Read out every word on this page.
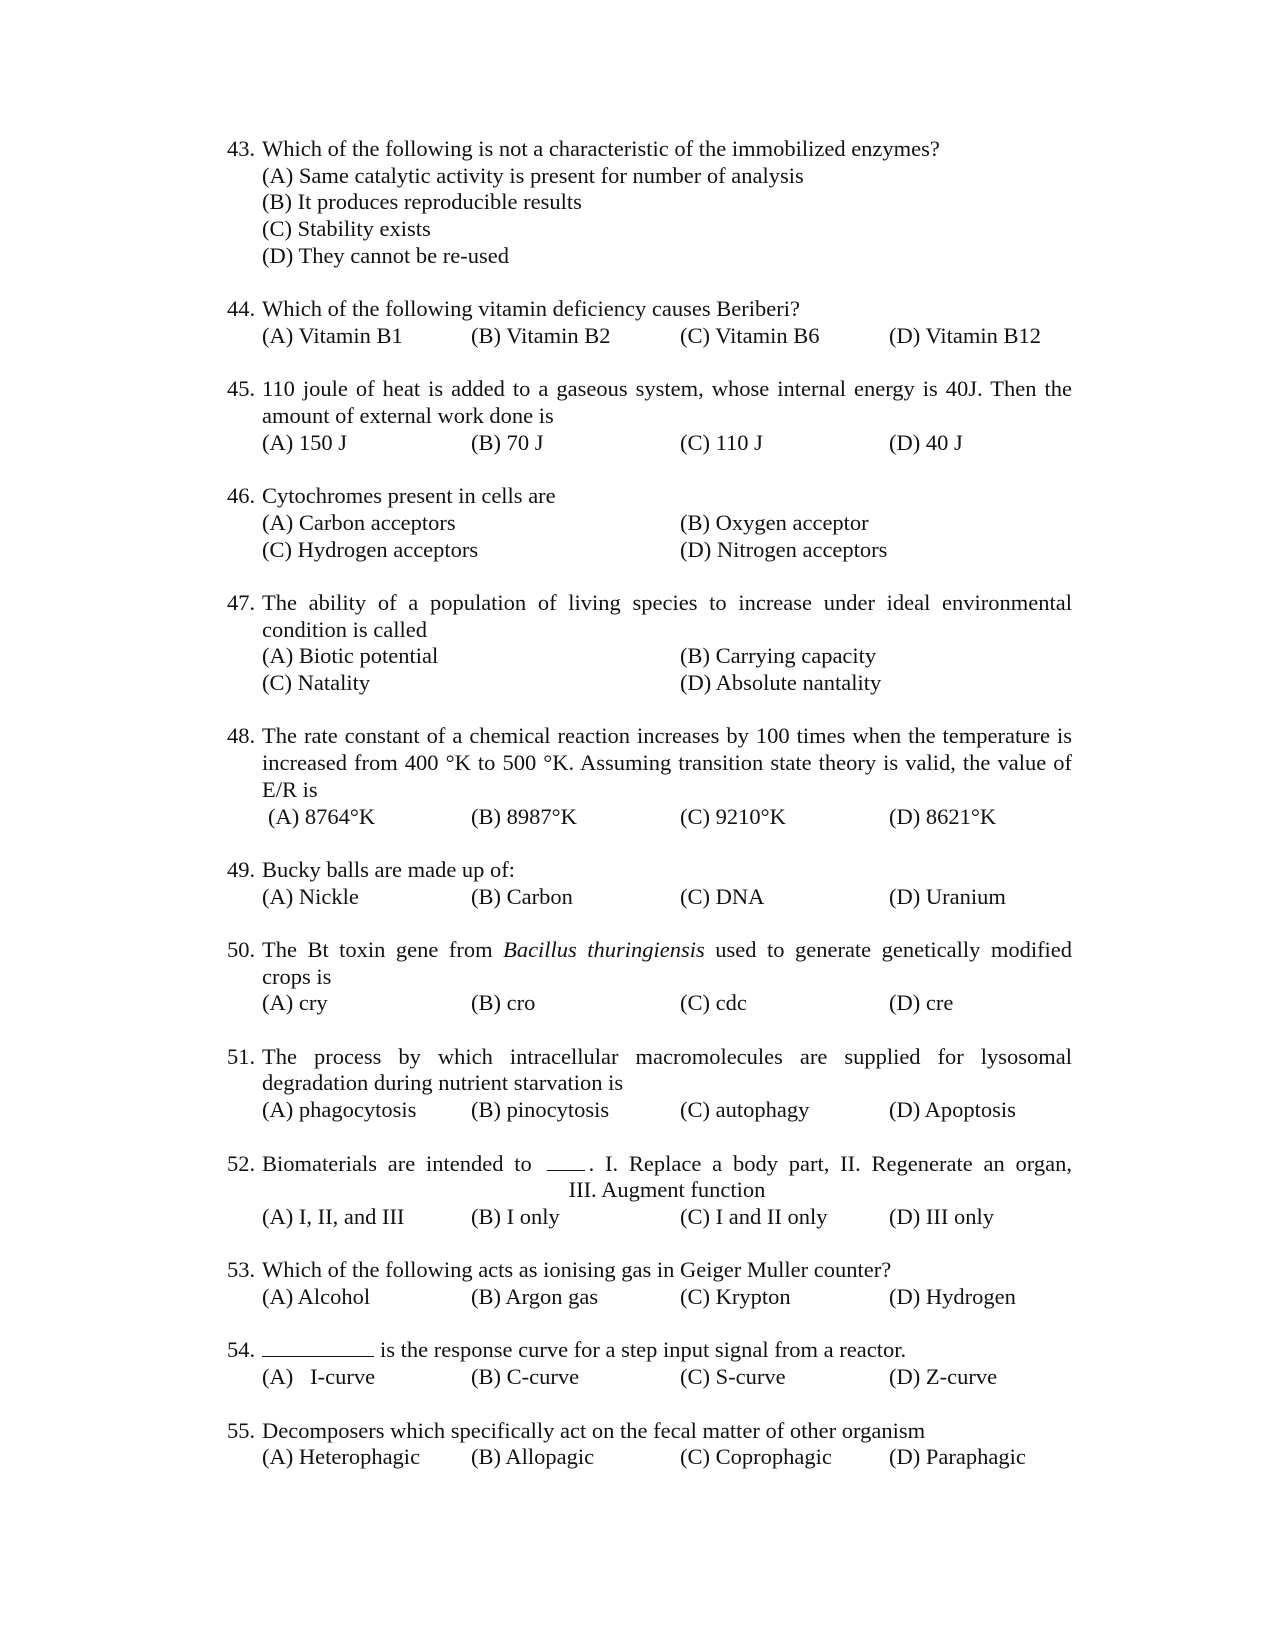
43. Which of the following is not a characteristic of the immobilized enzymes?
(A) Same catalytic activity is present for number of analysis
(B) It produces reproducible results
(C) Stability exists
(D) They cannot be re-used
44. Which of the following vitamin deficiency causes Beriberi?
(A) Vitamin B1	(B) Vitamin B2	(C) Vitamin B6	(D) Vitamin B12
45. 110 joule of heat is added to a gaseous system, whose internal energy is 40J. Then the amount of external work done is
(A) 150 J	(B) 70 J	(C) 110 J	(D) 40 J
46. Cytochromes present in cells are
(A) Carbon acceptors	(B) Oxygen acceptor
(C) Hydrogen acceptors	(D) Nitrogen acceptors
47. The ability of a population of living species to increase under ideal environmental condition is called
(A) Biotic potential	(B) Carrying capacity
(C) Natality	(D) Absolute nantality
48. The rate constant of a chemical reaction increases by 100 times when the temperature is increased from 400 °K to 500 °K. Assuming transition state theory is valid, the value of E/R is
(A) 8764°K	(B) 8987°K	(C) 9210°K	(D) 8621°K
49. Bucky balls are made up of:
(A) Nickle	(B) Carbon	(C) DNA	(D) Uranium
50. The Bt toxin gene from Bacillus thuringiensis used to generate genetically modified crops is
(A) cry	(B) cro	(C) cdc	(D) cre
51. The process by which intracellular macromolecules are supplied for lysosomal degradation during nutrient starvation is
(A) phagocytosis	(B) pinocytosis	(C) autophagy	(D) Apoptosis
52. Biomaterials are intended to	. I. Replace a body part, II. Regenerate an organ,
III. Augment function
(A) I, II, and III	(B) I only	(C) I and II only	(D) III only
53. Which of the following acts as ionising gas in Geiger Muller counter?
(A) Alcohol	(B) Argon gas	(C) Krypton	(D) Hydrogen
54.	is the response curve for a step input signal from a reactor.
(A)   I-curve	(B) C-curve	(C) S-curve	(D) Z-curve
55. Decomposers which specifically act on the fecal matter of other organism
(A) Heterophagic	(B) Allopagic	(C) Coprophagic	(D) Paraphagic
